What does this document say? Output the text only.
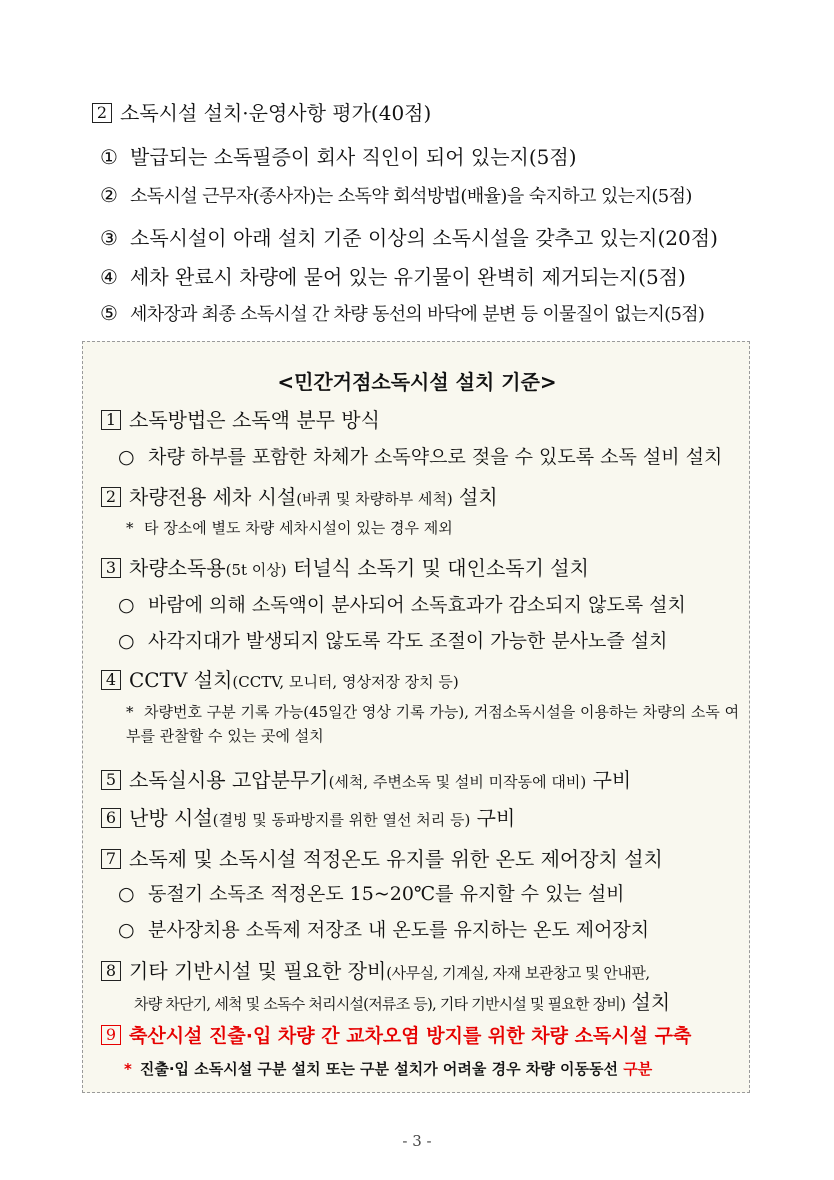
2 소독시설 설치·운영사항 평가(40점)
① 발급되는 소독필증이 회사 직인이 되어 있는지(5점)
② 소독시설 근무자(종사자)는 소독약 회석방법(배율)을 숙지하고 있는지(5점)
③ 소독시설이 아래 설치 기준 이상의 소독시설을 갖추고 있는지(20점)
④ 세차 완료시 차량에 묻어 있는 유기물이 완벽히 제거되는지(5점)
⑤ 세차장과 최종 소독시설 간 차량 동선의 바닥에 분변 등 이물질이 없는지(5점)
<민간거점소독시설 설치 기준>
1 소독방법은 소독액 분무 방식
○ 차량 하부를 포함한 차체가 소독약으로 젖을 수 있도록 소독 설비 설치
2 차량전용 세차 시설(바퀴 및 차량하부 세척) 설치
* 타 장소에 별도 차량 세차시설이 있는 경우 제외
3 차량소독용(5t 이상) 터널식 소독기 및 대인소독기 설치
○ 바람에 의해 소독액이 분사되어 소독효과가 감소되지 않도록 설치
○ 사각지대가 발생되지 않도록 각도 조절이 가능한 분사노즐 설치
4 CCTV 설치(CCTV, 모니터, 영상저장 장치 등)
* 차량번호 구분 기록 가능(45일간 영상 기록 가능), 거점소독시설을 이용하는 차량의 소독 여부를 관찰할 수 있는 곳에 설치
5 소독실시용 고압분무기(세척, 주변소독 및 설비 미작동에 대비) 구비
6 난방 시설(결빙 및 동파방지를 위한 열선 처리 등) 구비
7 소독제 및 소독시설 적정온도 유지를 위한 온도 제어장치 설치
○ 동절기 소독조 적정온도 15~20℃를 유지할 수 있는 설비
○ 분사장치용 소독제 저장조 내 온도를 유지하는 온도 제어장치
8 기타 기반시설 및 필요한 장비(사무실, 기계실, 자재 보관창고 및 안내판,
차량 차단기, 세척 및 소독수 처리시설(저류조 등), 기타 기반시설 및 필요한 장비) 설치
9 축산시설 진출·입 차량 간 교차오염 방지를 위한 차량 소독시설 구축
* 진출·입 소독시설 구분 설치 또는 구분 설치가 어려울 경우 차량 이동동선 구분
- 3 -
